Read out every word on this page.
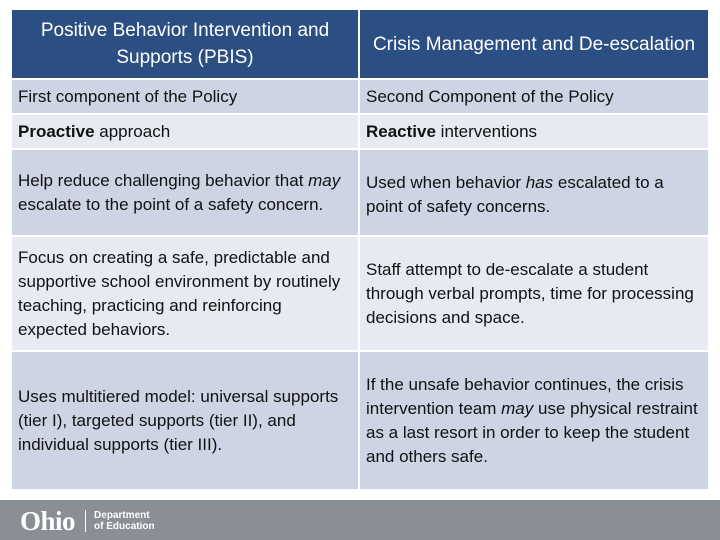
Positive Behavior Intervention and Supports (PBIS)
Crisis Management and De-escalation
First component of the Policy	Second Component of the Policy
Proactive approach	Reactive interventions
Help reduce challenging behavior that may escalate to the point of a safety concern.
Used when behavior has escalated to a point of safety concerns.
Focus on creating a safe, predictable and supportive school environment by routinely teaching, practicing and reinforcing expected behaviors.
Staff attempt to de-escalate a student through verbal prompts, time for processing decisions and space.
Uses multitiered model: universal supports (tier I), targeted supports (tier II), and individual supports (tier III).
If the unsafe behavior continues, the crisis intervention team may use physical restraint as a last resort in order to keep the student and others safe.
Ohio Department
of Education
